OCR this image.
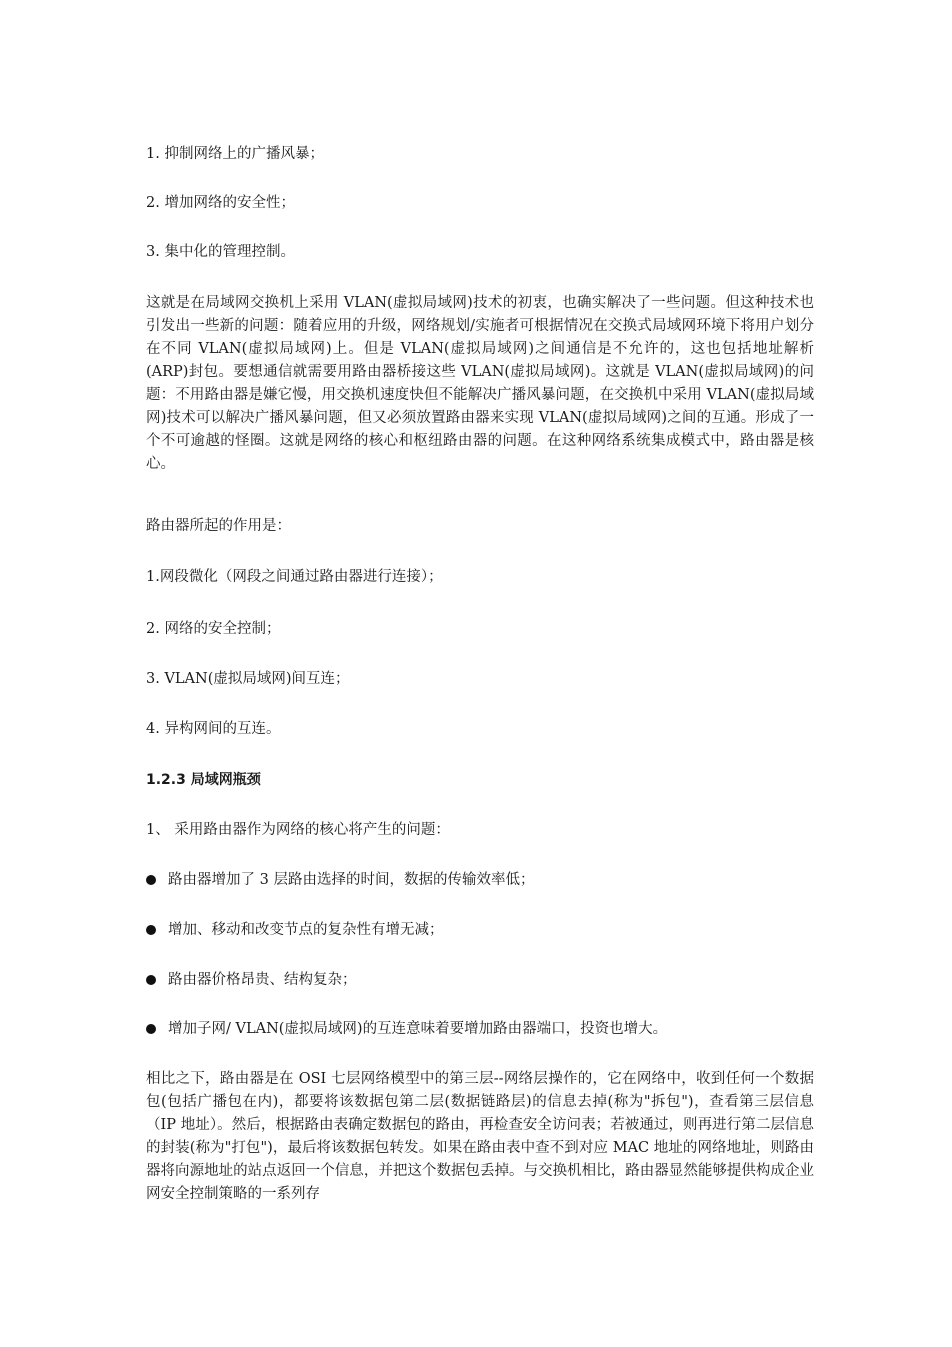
1. 抑制网络上的广播风暴；
2. 增加网络的安全性；
3. 集中化的管理控制。
这就是在局域网交换机上采用 VLAN(虚拟局域网)技术的初衷，也确实解决了一些问题。但这种技术也引发出一些新的问题：随着应用的升级，网络规划/实施者可根据情况在交换式局域网环境下将用户划分在不同 VLAN(虚拟局域网)上。但是 VLAN(虚拟局域网)之间通信是不允许的，这也包括地址解析(ARP)封包。要想通信就需要用路由器桥接这些 VLAN(虚拟局域网)。这就是 VLAN(虚拟局域网)的问题：不用路由器是嫌它慢，用交换机速度快但不能解决广播风暴问题，在交换机中采用 VLAN(虚拟局域网)技术可以解决广播风暴问题，但又必须放置路由器来实现 VLAN(虚拟局域网)之间的互通。形成了一个不可逾越的怪圈。这就是网络的核心和枢纽路由器的问题。在这种网络系统集成模式中，路由器是核心。
路由器所起的作用是：
1.网段微化（网段之间通过路由器进行连接）；
2. 网络的安全控制；
3. VLAN(虚拟局域网)间互连；
4. 异构网间的互连。
1.2.3 局域网瓶颈
1、 采用路由器作为网络的核心将产生的问题：
路由器增加了 3 层路由选择的时间，数据的传输效率低；
增加、移动和改变节点的复杂性有增无减；
路由器价格昂贵、结构复杂；
增加子网/ VLAN(虚拟局域网)的互连意味着要增加路由器端口，投资也增大。
相比之下，路由器是在 OSI 七层网络模型中的第三层--网络层操作的，它在网络中，收到任何一个数据包(包括广播包在内)，都要将该数据包第二层(数据链路层)的信息去掉(称为"拆包")，查看第三层信息（IP 地址）。然后，根据路由表确定数据包的路由，再检查安全访问表；若被通过，则再进行第二层信息的封装(称为"打包")，最后将该数据包转发。如果在路由表中查不到对应 MAC 地址的网络地址，则路由器将向源地址的站点返回一个信息，并把这个数据包丢掉。与交换机相比，路由器显然能够提供构成企业网安全控制策略的一系列存
